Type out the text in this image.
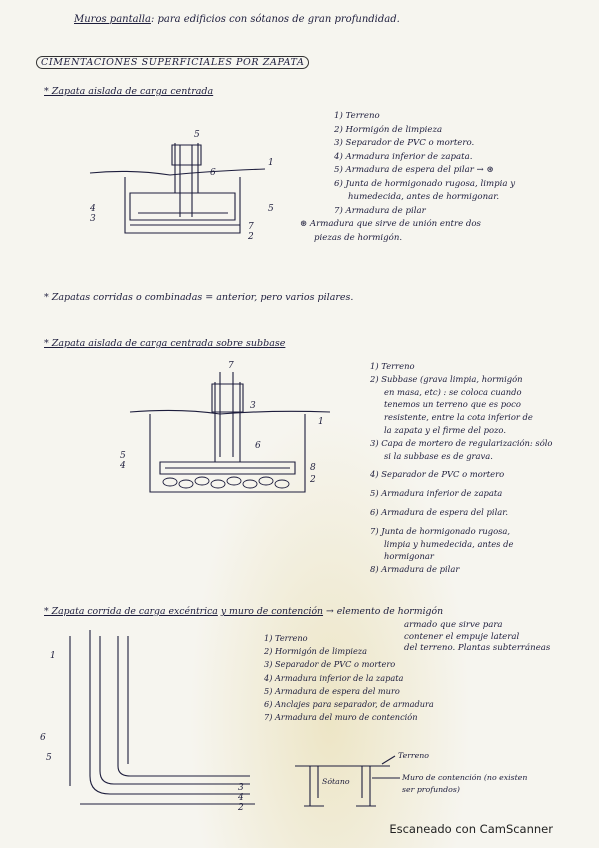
Muros pantalla: para edificios con sótanos de gran profundidad.
CIMENTACIONES SUPERFICIALES POR ZAPATA
* Zapata aislada de carga centrada
5
6
1
4
3
5
7
2
1) Terreno
2) Hormigón de limpieza
3) Separador de PVC o mortero.
4) Armadura inferior de zapata.
5) Armadura de espera del pilar → ⊛
6) Junta de hormigonado rugosa, limpia y
humedecida, antes de hormigonar.
7) Armadura de pilar
⊛ Armadura que sirve de unión entre dos
piezas de hormigón.
* Zapatas corridas o combinadas = anterior, pero varios pilares.
* Zapata aislada de carga centrada sobre subbase
7
3
1
6
5
4	8
2
1) Terreno
2) Subbase (grava limpia, hormigón
en masa, etc) : se coloca cuando
tenemos un terreno que es poco
resistente, entre la cota inferior de
la zapata y el firme del pozo.
3) Capa de mortero de regularización: sólo
si la subbase es de grava.
4) Separador de PVC o mortero
5) Armadura inferior de zapata
6) Armadura de espera del pilar.
7) Junta de hormigonado rugosa,
limpia y humedecida, antes de
hormigonar
8) Armadura de pilar
* Zapata corrida de carga excéntrica y muro de contención → elemento de hormigón
armado que sirve para
contener el empuje lateral
del terreno. Plantas subterráneas
1
6
5
3
4
2
1) Terreno
2) Hormigón de limpieza
3) Separador de PVC o mortero
4) Armadura inferior de la zapata
5) Armadura de espera del muro
6) Anclajes para separador, de armadura
7) Armadura del muro de contención
Terreno
Sótano	Muro de contención (no existen
ser profundos)
Escaneado con CamScanner
